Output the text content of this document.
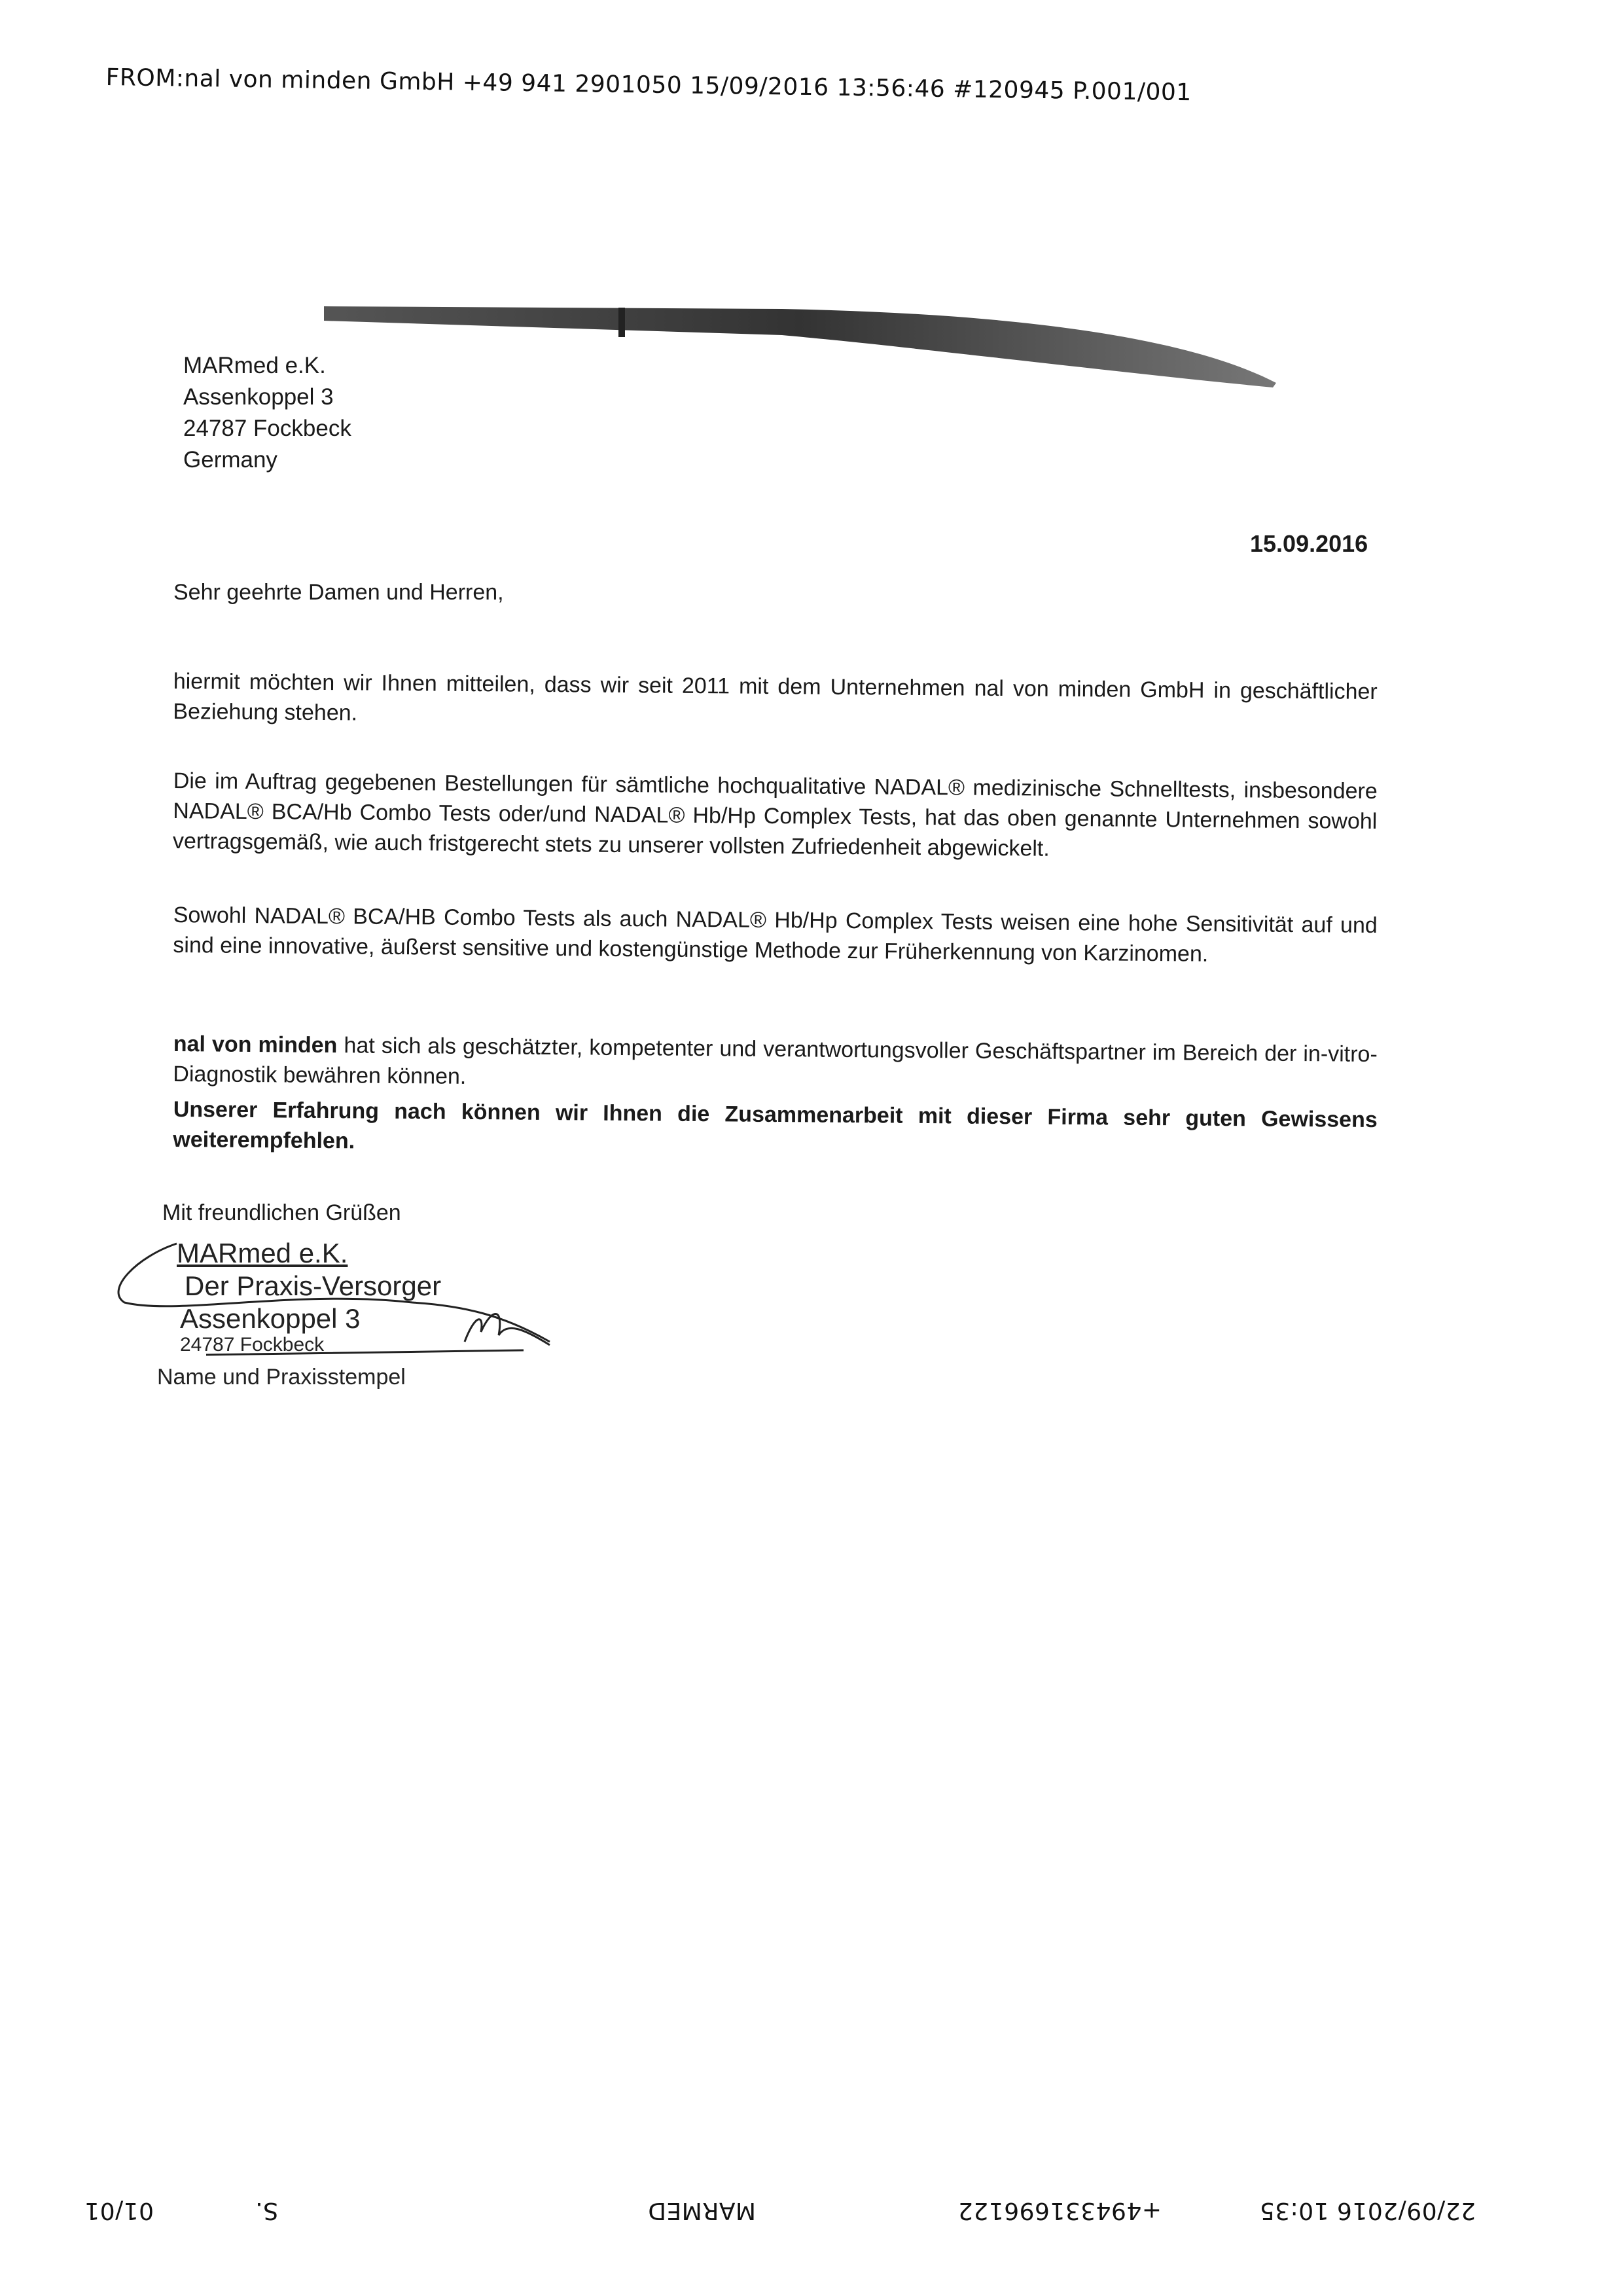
FROM:nal von minden GmbH +49 941 2901050 15/09/2016 13:56:46 #120945 P.001/001
MARmed e.K.
Assenkoppel 3
24787 Fockbeck
Germany
15.09.2016
Sehr geehrte Damen und Herren,
hiermit möchten wir Ihnen mitteilen, dass wir seit 2011 mit dem Unternehmen nal von minden GmbH in geschäftlicher Beziehung stehen.
Die im Auftrag gegebenen Bestellungen für sämtliche hochqualitative NADAL® medizinische Schnelltests, insbesondere NADAL® BCA/Hb Combo Tests oder/und NADAL® Hb/Hp Complex Tests, hat das oben genannte Unternehmen sowohl vertragsgemäß, wie auch fristgerecht stets zu unserer vollsten Zufriedenheit abgewickelt.
Sowohl NADAL® BCA/HB Combo Tests als auch NADAL® Hb/Hp Complex Tests weisen eine hohe Sensitivität auf und sind eine innovative, äußerst sensitive und kostengünstige Methode zur Früherkennung von Karzinomen.
nal von minden hat sich als geschätzter, kompetenter und verantwortungsvoller Geschäftspartner im Bereich der in-vitro-Diagnostik bewähren können.
Unserer Erfahrung nach können wir Ihnen die Zusammenarbeit mit dieser Firma sehr guten Gewissens weiterempfehlen.
Mit freundlichen Grüßen
MARmed e.K.
Der Praxis-Versorger
Assenkoppel 3
24787 Fockbeck
Name und Praxisstempel
22/09/2016 10:35
+494331696122
MARMED
S.
01/01
